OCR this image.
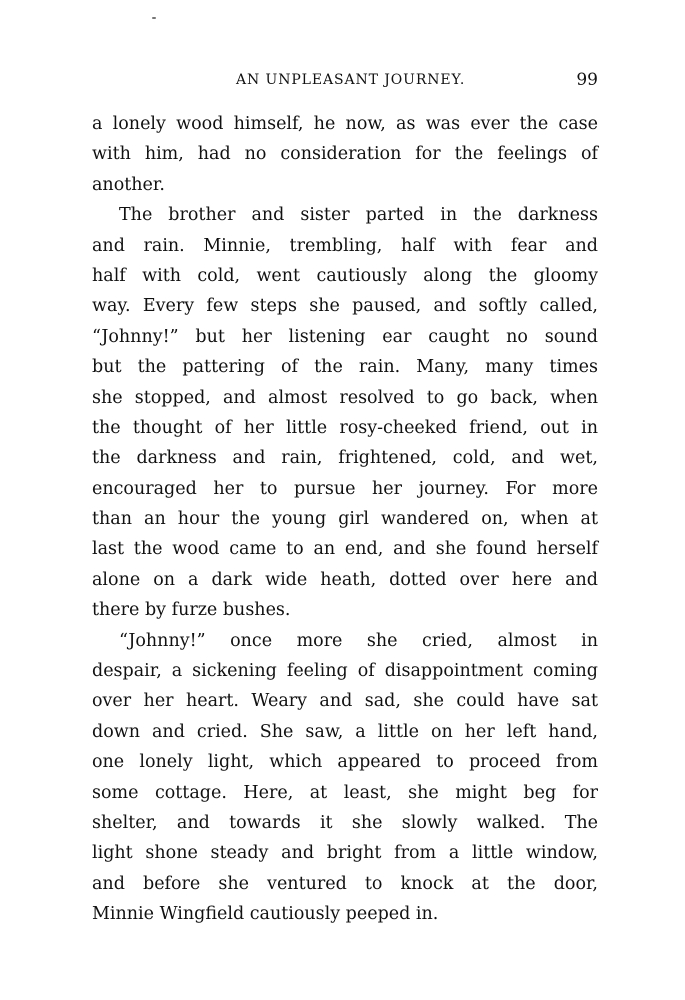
AN UNPLEASANT JOURNEY.	99
a lonely wood himself, he now, as was ever the case
with him, had no consideration for the feelings of
another.
The brother and sister parted in the darkness
and rain. Minnie, trembling, half with fear and
half with cold, went cautiously along the gloomy
way. Every few steps she paused, and softly called,
“Johnny!” but her listening ear caught no sound
but the pattering of the rain. Many, many times
she stopped, and almost resolved to go back, when
the thought of her little rosy-cheeked friend, out in
the darkness and rain, frightened, cold, and wet,
encouraged her to pursue her journey. For more
than an hour the young girl wandered on, when at
last the wood came to an end, and she found herself
alone on a dark wide heath, dotted over here and
there by furze bushes.
“Johnny!” once more she cried, almost in
despair, a sickening feeling of disappointment coming
over her heart. Weary and sad, she could have sat
down and cried. She saw, a little on her left hand,
one lonely light, which appeared to proceed from
some cottage. Here, at least, she might beg for
shelter, and towards it she slowly walked. The
light shone steady and bright from a little window,
and before she ventured to knock at the door,
Minnie Wingfield cautiously peeped in.
